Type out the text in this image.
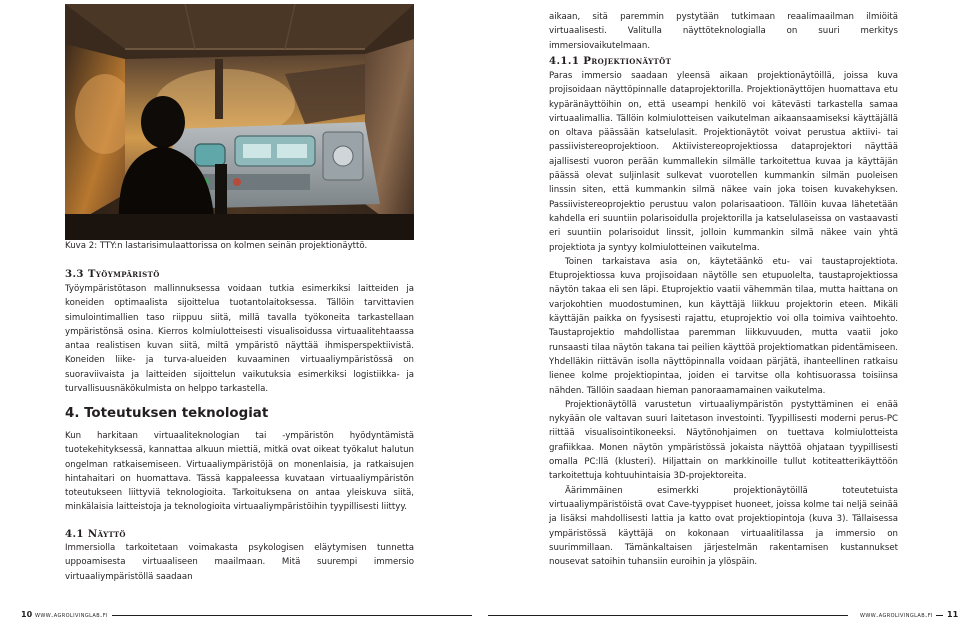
Kuva 2: TTY:n lastarisimulaattorissa on kolmen seinän projektionäyttö.
3.3 Työympäristö

Työympäristötason mallinnuksessa voidaan tutkia esimerkiksi laitteiden ja koneiden optimaalista sijoittelua tuotantolaitoksessa. Tällöin tarvittavien simulointimallien taso riippuu siitä, millä tavalla työkoneita tarkastellaan ympäristönsä osina. Kierros kolmiulotteisesti visualisoidussa virtuaalitehtaassa antaa realistisen kuvan siitä, miltä ympäristö näyttää ihmisperspektiivistä. Koneiden liike- ja turva-alueiden kuvaaminen virtuaaliympäristössä on suoraviivaista ja laitteiden sijoittelun vaikutuksia esimerkiksi logistiikka- ja turvallisuusnäkökulmista on helppo tarkastella.

4. Toteutuksen teknologiat

Kun harkitaan virtuaaliteknologian tai -ympäristön hyödyntämistä tuotekehityksessä, kannattaa alkuun miettiä, mitkä ovat oikeat työkalut halutun ongelman ratkaisemiseen. Virtuaaliympäristöjä on monenlaisia, ja ratkaisujen hintahaitari on huomattava. Tässä kappaleessa kuvataan virtuaaliympäristön toteutukseen liittyviä teknologioita. Tarkoituksena on antaa yleiskuva siitä, minkälaisia laitteistoja ja teknologioita virtuaaliympäristöihin tyypillisesti liittyy.

4.1 Näyttö

Immersiolla tarkoitetaan voimakasta psykologisen eläytymisen tunnetta uppoamisesta virtuaaliseen maailmaan. Mitä suurempi immersio virtuaaliympäristöllä saadaan

10 www.agrolivinglab.fi

aikaan, sitä paremmin pystytään tutkimaan reaalimaailman ilmiöitä virtuaalisesti. Valitulla näyttöteknologialla on suuri merkitys immersiovaikutelmaan.

4.1.1 Projektionäytöt

Paras immersio saadaan yleensä aikaan projektionäytöillä, joissa kuva projisoidaan näyttöpinnalle dataprojektorilla. Projektionäyttöjen huomattava etu kypäränäyttöihin on, että useampi henkilö voi kätevästi tarkastella samaa virtuaalimallia. Tällöin kolmiulotteisen vaikutelman aikaansaamiseksi käyttäjällä on oltava päässään katselulasit. Projektionäytöt voivat perustua aktiivi- tai passiivistereoprojektioon. Aktiivistereoprojektiossa dataprojektori näyttää ajallisesti vuoron perään kummallekin silmälle tarkoitettua kuvaa ja käyttäjän päässä olevat suljinlasit sulkevat vuorotellen kummankin silmän puoleisen linssin siten, että kummankin silmä näkee vain joka toisen kuvakehyksen. Passiivistereoprojektio perustuu valon polarisaatioon. Tällöin kuvaa lähetetään kahdella eri suuntiin polarisoidulla projektorilla ja katselulaseissa on vastaavasti eri suuntiin polarisoidut linssit, jolloin kummankin silmä näkee vain yhtä projektiota ja syntyy kolmiulotteinen vaikutelma.

Toinen tarkaistava asia on, käytetäänkö etu- vai taustaprojektiota. Etuprojektiossa kuva projisoidaan näytölle sen etupuolelta, taustaprojektiossa näytön takaa eli sen läpi. Etuprojektio vaatii vähemmän tilaa, mutta haittana on varjokohtien muodostuminen, kun käyttäjä liikkuu projektorin eteen. Mikäli käyttäjän paikka on fyysisesti rajattu, etuprojektio voi olla toimiva vaihtoehto. Taustaprojektio mahdollistaa paremman liikkuvuuden, mutta vaatii joko runsaasti tilaa näytön takana tai peilien käyttöä projektiomatkan pidentämiseen. Yhdelläkin riittävän isolla näyttöpinnalla voidaan pärjätä, ihanteellinen ratkaisu lienee kolme projektiopintaa, joiden ei tarvitse olla kohtisuorassa toisiinsa nähden. Tällöin saadaan hieman panoraamamainen vaikutelma.

Projektionäytöllä varustetun virtuaaliympäristön pystyttäminen ei enää nykyään ole valtavan suuri laitetason investointi. Tyypillisesti moderni perus-PC riittää visualisointikoneeksi. Näytönohjaimen on tuettava kolmiulotteista grafiikkaa. Monen näytön ympäristössä jokaista näyttöä ohjataan tyypillisesti omalla PC:llä (klusteri). Hiljattain on markkinoille tullut kotiteatterikäyttöön tarkoitettuja kohtuuhintaisia 3D-projektoreita.

Äärimmäinen esimerkki projektionäytöillä toteutetuista virtuaaliympäristöistä ovat Cave-tyyppiset huoneet, joissa kolme tai neljä seinää ja lisäksi mahdollisesti lattia ja katto ovat projektiopintoja (kuva 3). Tällaisessa ympäristössä käyttäjä on kokonaan virtuaalitilassa ja immersio on suurimmillaan. Tämänkaltaisen järjestelmän rakentamisen kustannukset nousevat satoihin tuhansiin euroihin ja ylöspäin.

www.agrolivinglab.fi	11
